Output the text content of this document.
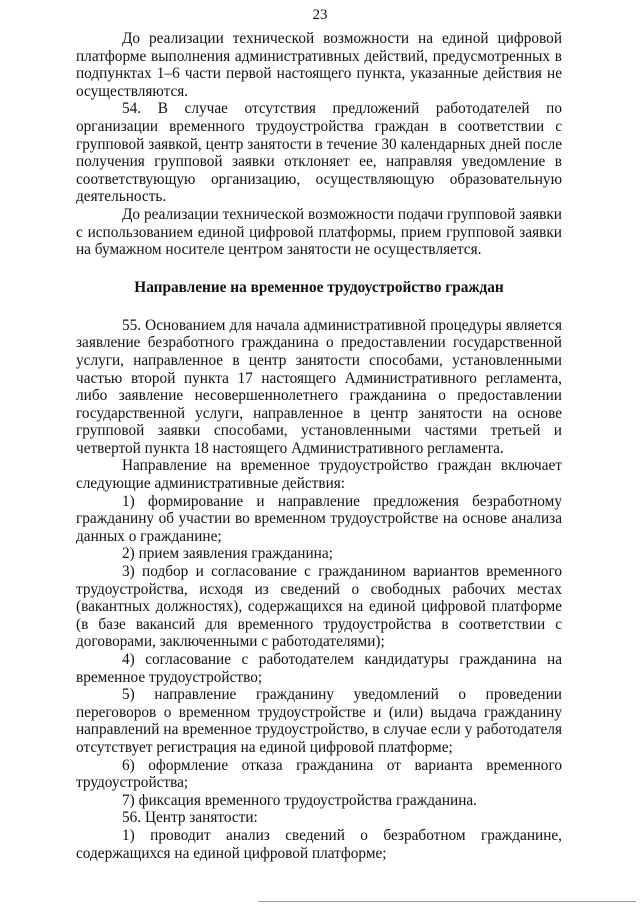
23

До реализации технической возможности на единой цифровой платформе выполнения административных действий, предусмотренных в подпунктах 1–6 части первой настоящего пункта, указанные действия не осуществляются.

54. В случае отсутствия предложений работодателей по организации временного трудоустройства граждан в соответствии с групповой заявкой, центр занятости в течение 30 календарных дней после получения групповой заявки отклоняет ее, направляя уведомление в соответствующую организацию, осуществляющую образовательную деятельность.

До реализации технической возможности подачи групповой заявки с использованием единой цифровой платформы, прием групповой заявки на бумажном носителе центром занятости не осуществляется.

Направление на временное трудоустройство граждан

55. Основанием для начала административной процедуры является заявление безработного гражданина о предоставлении государственной услуги, направленное в центр занятости способами, установленными частью второй пункта 17 настоящего Административного регламента, либо заявление несовершеннолетнего гражданина о предоставлении государственной услуги, направленное в центр занятости на основе групповой заявки способами, установленными частями третьей и четвертой пункта 18 настоящего Административного регламента.

Направление на временное трудоустройство граждан включает следующие административные действия:

1) формирование и направление предложения безработному гражданину об участии во временном трудоустройстве на основе анализа данных о гражданине;

2) прием заявления гражданина;

3) подбор и согласование с гражданином вариантов временного трудоустройства, исходя из сведений о свободных рабочих местах (вакантных должностях), содержащихся на единой цифровой платформе (в базе вакансий для временного трудоустройства в соответствии с договорами, заключенными с работодателями);

4) согласование с работодателем кандидатуры гражданина на временное трудоустройство;

5) направление гражданину уведомлений о проведении переговоров о временном трудоустройстве и (или) выдача гражданину направлений на временное трудоустройство, в случае если у работодателя отсутствует регистрация на единой цифровой платформе;

6) оформление отказа гражданина от варианта временного трудоустройства;

7) фиксация временного трудоустройства гражданина.

56. Центр занятости:

1) проводит анализ сведений о безработном гражданине, содержащихся на единой цифровой платформе;
